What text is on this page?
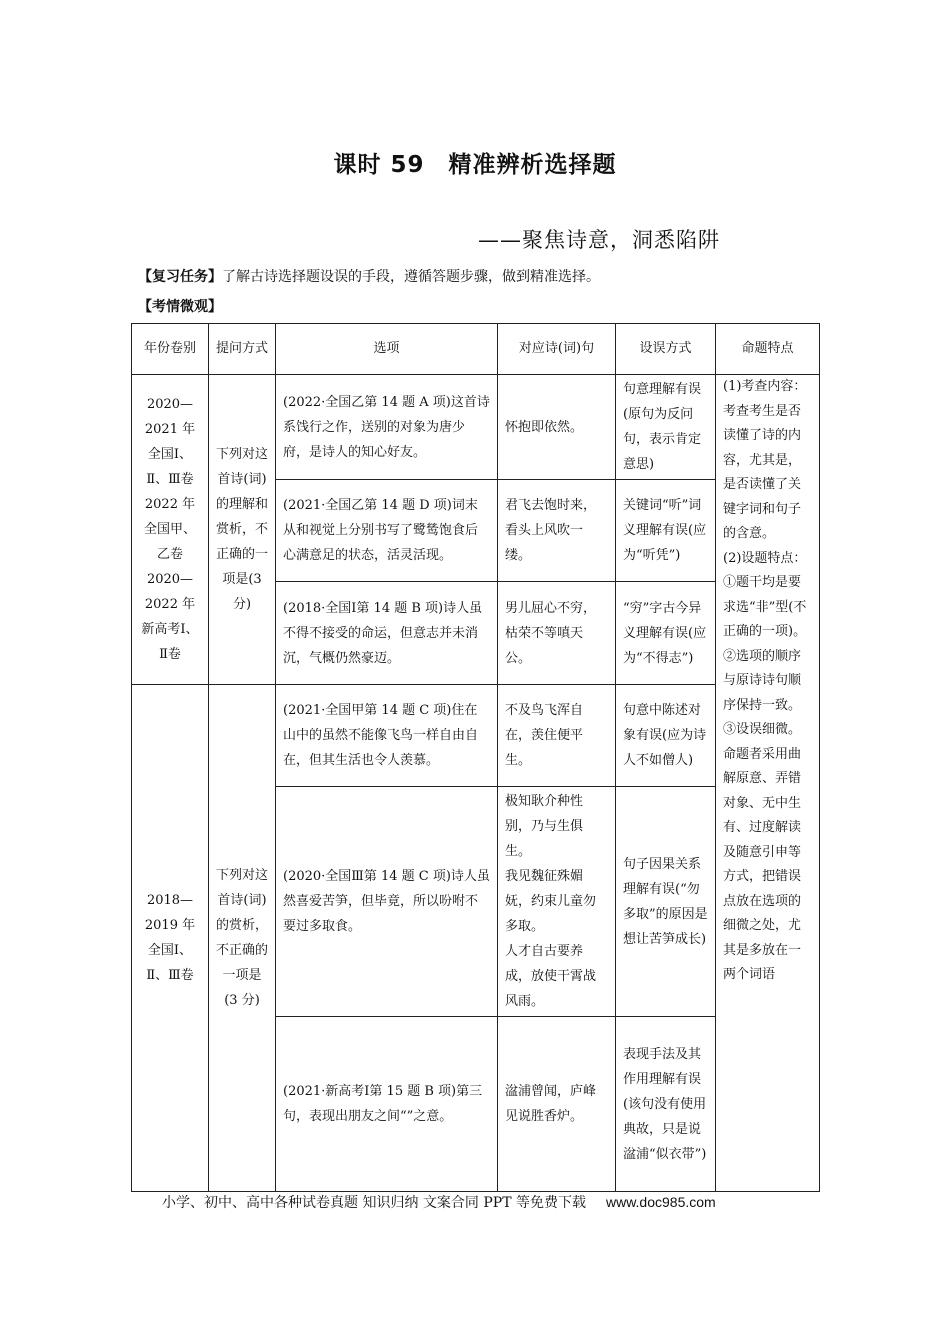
课时 59　精准辨析选择题
——聚焦诗意，洞悉陷阱
【复习任务】了解古诗选择题设误的手段，遵循答题步骤，做到精准选择。
【考情微观】
年份卷别	提问方式	选项	对应诗(词)句	设误方式	命题特点
2020—2021 年全国Ⅰ、Ⅱ、Ⅲ卷 2022 年全国甲、乙卷 2020—2022 年新高考Ⅰ、Ⅱ卷	下列对这首诗(词)的理解和赏析，不正确的一项是(3 分)	(2022·全国乙第 14 题 A 项)这首诗系饯行之作，送别的对象为唐少府，是诗人的知心好友。	怀抱即依然。	句意理解有误(原句为反问句，表示肯定意思)	(1)考查内容：考查考生是否读懂了诗的内容，尤其是，是否读懂了关键字词和句子的含意。
(2)设题特点：
①题干均是要求选“非”型(不正确的一项)。
②选项的顺序与原诗诗句顺序保持一致。
③设误细微。命题者采用曲解原意、弄错对象、无中生有、过度解读及随意引申等方式，把错误点放在选项的细微之处，尤其是多放在一两个词语
		(2021·全国乙第 14 题 D 项)词末从和视觉上分别书写了鹭鸶饱食后心满意足的状态，活灵活现。	君飞去饱时来，看头上风吹一缕。	关键词“听”词义理解有误(应为“听凭”)	
		(2018·全国Ⅰ第 14 题 B 项)诗人虽不得不接受的命运，但意志并未消沉，气概仍然豪迈。	男儿屈心不穷，枯荣不等嗔天公。	“穷”字古今异义理解有误(应为“不得志”)	
2018—2019 年全国Ⅰ、Ⅱ、Ⅲ卷	下列对这首诗(词)的赏析，不正确的一项是(3 分)	(2021·全国甲第 14 题 C 项)住在山中的虽然不能像飞鸟一样自由自在，但其生活也令人羡慕。	不及鸟飞浑自在，羡住便平生。	句意中陈述对象有误(应为诗人不如僧人)	
		(2020·全国Ⅲ第 14 题 C 项)诗人虽然喜爱苦笋，但毕竟，所以吩咐不要过多取食。	极知耿介种性别，乃与生俱生。
我见魏征殊媚妩，约束儿童勿多取。
人才自古要养成，放使干霄战风雨。	句子因果关系理解有误(“勿多取”的原因是想让苦笋成长)	
		(2021·新高考Ⅰ第 15 题 B 项)第三句，表现出朋友之间“”之意。	湓浦曾闻，庐峰见说胜香炉。	表现手法及其作用理解有误(该句没有使用典故，只是说湓浦“似衣带”)	
小学、初中、高中各种试卷真题 知识归纳 文案合同 PPT 等免费下载 www.doc985.com
